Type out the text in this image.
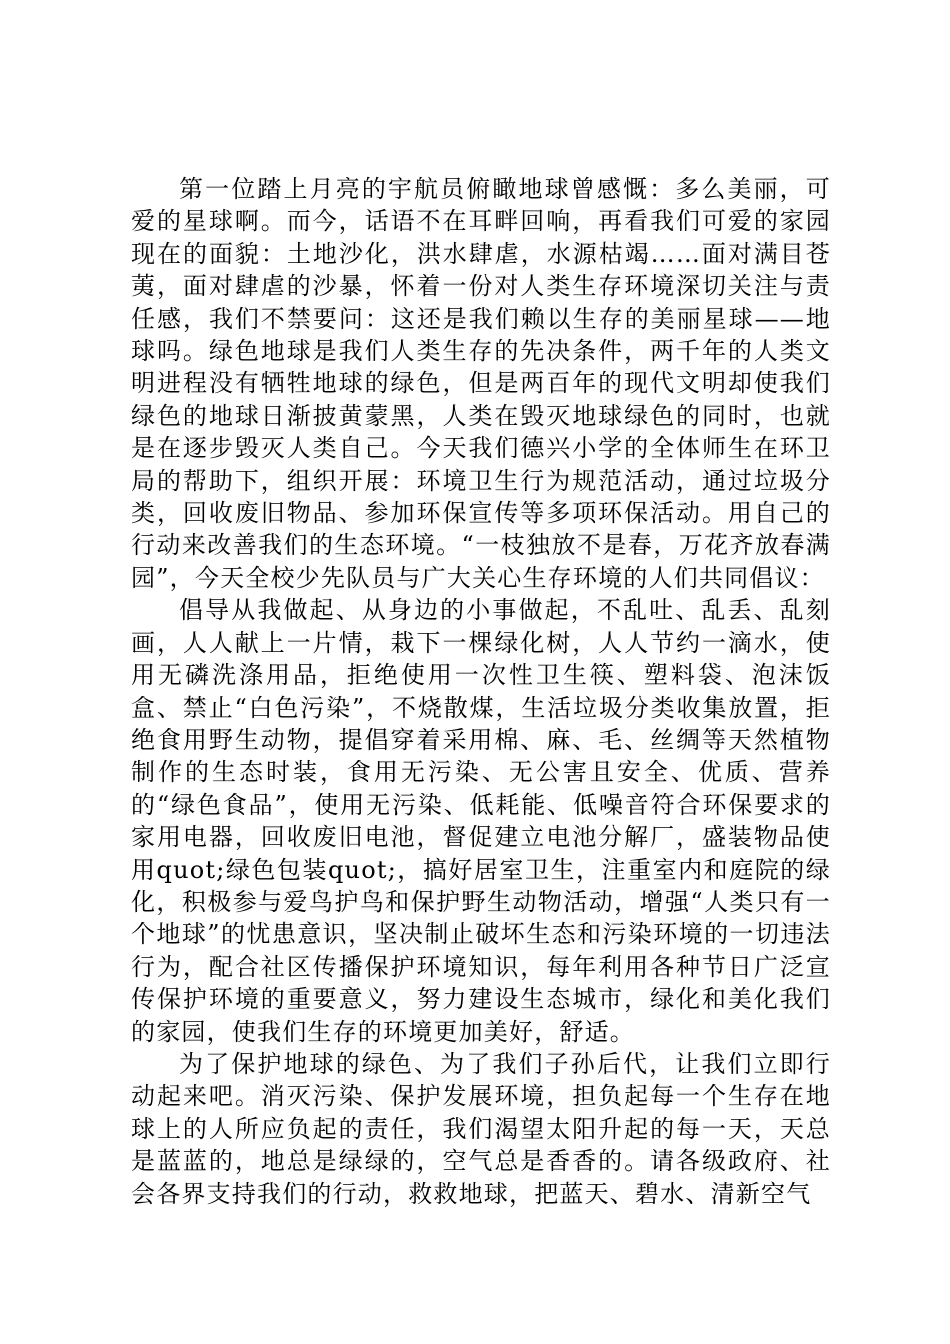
第一位踏上月亮的宇航员俯瞰地球曾感慨：多么美丽，可爱的星球啊。而今，话语不在耳畔回响，再看我们可爱的家园现在的面貌：土地沙化，洪水肆虐，水源枯竭……面对满目苍荑，面对肆虐的沙暴，怀着一份对人类生存环境深切关注与责任感，我们不禁要问：这还是我们赖以生存的美丽星球——地球吗。绿色地球是我们人类生存的先决条件，两千年的人类文明进程没有牺牲地球的绿色，但是两百年的现代文明却使我们绿色的地球日渐披黄蒙黑，人类在毁灭地球绿色的同时，也就是在逐步毁灭人类自己。今天我们德兴小学的全体师生在环卫局的帮助下，组织开展：环境卫生行为规范活动，通过垃圾分类，回收废旧物品、参加环保宣传等多项环保活动。用自己的行动来改善我们的生态环境。“一枝独放不是春，万花齐放春满园”，今天全校少先队员与广大关心生存环境的人们共同倡议：

倡导从我做起、从身边的小事做起，不乱吐、乱丢、乱刻画，人人献上一片情，栽下一棵绿化树，人人节约一滴水，使用无磷洗涤用品，拒绝使用一次性卫生筷、塑料袋、泡沫饭盒、禁止“白色污染”，不烧散煤，生活垃圾分类收集放置，拒绝食用野生动物，提倡穿着采用棉、麻、毛、丝绸等天然植物制作的生态时装，食用无污染、无公害且安全、优质、营养的“绿色食品”，使用无污染、低耗能、低噪音符合环保要求的家用电器，回收废旧电池，督促建立电池分解厂，盛装物品使用quot;绿色包装quot;，搞好居室卫生，注重室内和庭院的绿化，积极参与爱鸟护鸟和保护野生动物活动，增强“人类只有一个地球”的忧患意识，坚决制止破坏生态和污染环境的一切违法行为，配合社区传播保护环境知识，每年利用各种节日广泛宣传保护环境的重要意义，努力建设生态城市，绿化和美化我们的家园，使我们生存的环境更加美好，舒适。

为了保护地球的绿色、为了我们子孙后代，让我们立即行动起来吧。消灭污染、保护发展环境，担负起每一个生存在地球上的人所应负起的责任，我们渴望太阳升起的每一天，天总是蓝蓝的，地总是绿绿的，空气总是香香的。请各级政府、社会各界支持我们的行动，救救地球，把蓝天、碧水、清新空气
